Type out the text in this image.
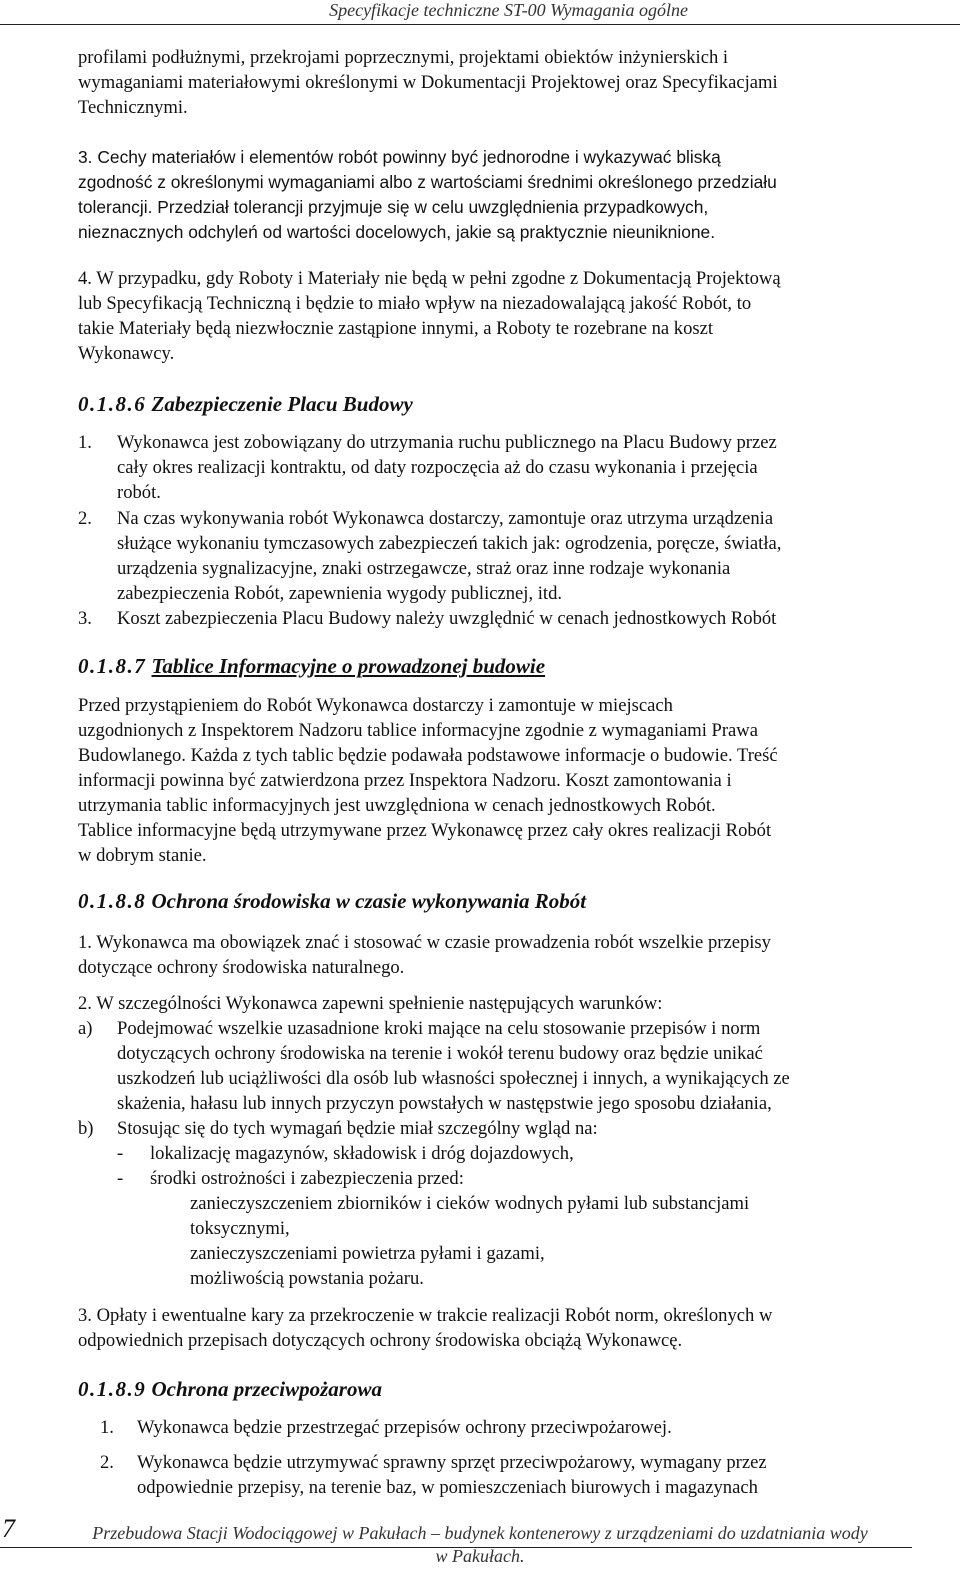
Specyfikacje techniczne ST-00 Wymagania ogólne

profilami podłużnymi, przekrojami poprzecznymi, projektami obiektów inżynierskich i

wymaganiami materiałowymi określonymi w Dokumentacji Projektowej oraz Specyfikacjami

Technicznymi.

3. Cechy materiałów i elementów robót powinny być jednorodne i wykazywać bliską

zgodność z określonymi wymaganiami albo z wartościami średnimi określonego przedziału

tolerancji. Przedział tolerancji przyjmuje się w celu uwzględnienia przypadkowych,

nieznacznych odchyleń od wartości docelowych, jakie są praktycznie nieuniknione.

4. W przypadku, gdy Roboty i Materiały nie będą w pełni zgodne z Dokumentacją Projektową

lub Specyfikacją Techniczną i będzie to miało wpływ na niezadowalającą jakość Robót, to

takie Materiały będą niezwłocznie zastąpione innymi, a Roboty te rozebrane na koszt

Wykonawcy.

0.1.8.6 Zabezpieczenie Placu Budowy

1. Wykonawca jest zobowiązany do utrzymania ruchu publicznego na Placu Budowy przez

cały okres realizacji kontraktu, od daty rozpoczęcia aż do czasu wykonania i przejęcia

robót.

2. Na czas wykonywania robót Wykonawca dostarczy, zamontuje oraz utrzyma urządzenia

służące wykonaniu tymczasowych zabezpieczeń takich jak: ogrodzenia, poręcze, światła,

urządzenia sygnalizacyjne, znaki ostrzegawcze, straż oraz inne rodzaje wykonania

zabezpieczenia Robót, zapewnienia wygody publicznej, itd.

3. Koszt zabezpieczenia Placu Budowy należy uwzględnić w cenach jednostkowych Robót

0.1.8.7 Tablice Informacyjne o prowadzonej budowie

Przed przystąpieniem do Robót Wykonawca dostarczy i zamontuje w miejscach

uzgodnionych z Inspektorem Nadzoru tablice informacyjne zgodnie z wymaganiami Prawa

Budowlanego. Każda z tych tablic będzie podawała podstawowe informacje o budowie. Treść

informacji powinna być zatwierdzona przez Inspektora Nadzoru. Koszt zamontowania i

utrzymania tablic informacyjnych jest uwzględniona w cenach jednostkowych Robót.

Tablice informacyjne będą utrzymywane przez Wykonawcę przez cały okres realizacji Robót

w dobrym stanie.

0.1.8.8 Ochrona środowiska w czasie wykonywania Robót

1. Wykonawca ma obowiązek znać i stosować w czasie prowadzenia robót wszelkie przepisy

dotyczące ochrony środowiska naturalnego.

2. W szczególności Wykonawca zapewni spełnienie następujących warunków:

a) Podejmować wszelkie uzasadnione kroki mające na celu stosowanie przepisów i norm

dotyczących ochrony środowiska na terenie i wokół terenu budowy oraz będzie unikać

uszkodzeń lub uciążliwości dla osób lub własności społecznej i innych, a wynikających ze

skażenia, hałasu lub innych przyczyn powstałych w następstwie jego sposobu działania,

b) Stosując się do tych wymagań będzie miał szczególny wgląd na:

- lokalizację magazynów, składowisk i dróg dojazdowych,

- środki ostrożności i zabezpieczenia przed:

zanieczyszczeniem zbiorników i cieków wodnych pyłami lub substancjami

toksycznymi,

zanieczyszczeniami powietrza pyłami i gazami,

możliwością powstania pożaru.

3. Opłaty i ewentualne kary za przekroczenie w trakcie realizacji Robót norm, określonych w

odpowiednich przepisach dotyczących ochrony środowiska obciążą Wykonawcę.

0.1.8.9 Ochrona przeciwpożarowa

1. Wykonawca będzie przestrzegać przepisów ochrony przeciwpożarowej.

2. Wykonawca będzie utrzymywać sprawny sprzęt przeciwpożarowy, wymagany przez

odpowiednie przepisy, na terenie baz, w pomieszczeniach biurowych i magazynach

7	Przebudowa Stacji Wodociągowej w Pakułach – budynek kontenerowy z urządzeniami do uzdatniania wody
w Pakułach.
